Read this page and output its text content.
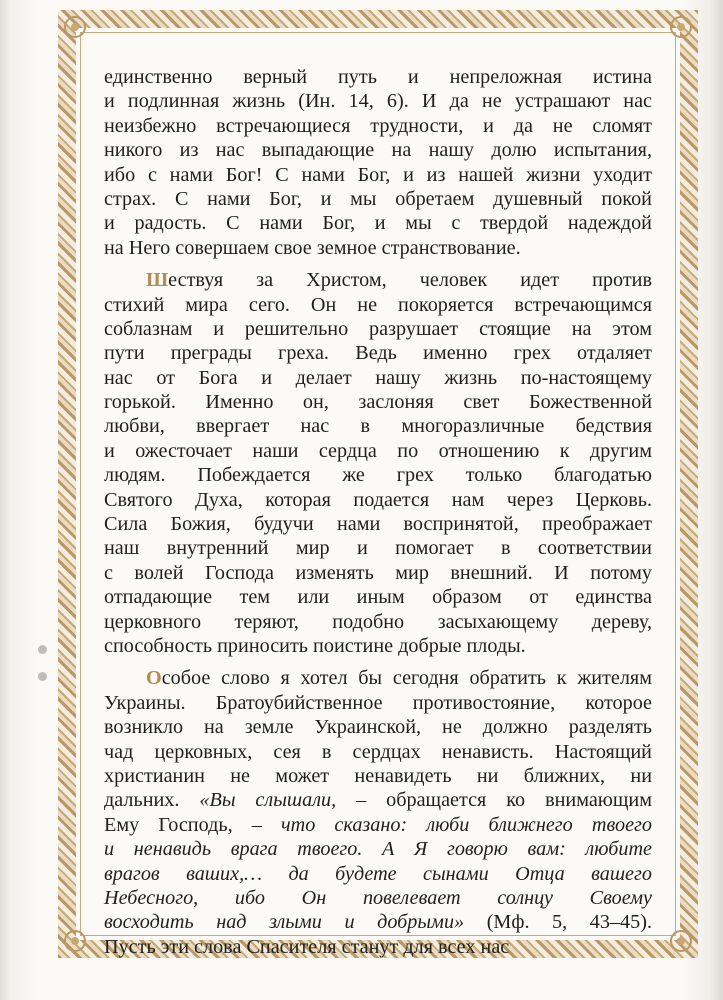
единственно верный путь и непреложная истина
и подлинная жизнь (Ин. 14, 6). И да не устрашают нас
неизбежно встречающиеся трудности, и да не сломят
никого из нас выпадающие на нашу долю испытания,
ибо с нами Бог! С нами Бог, и из нашей жизни уходит
страх. С нами Бог, и мы обретаем душевный покой
и радость. С нами Бог, и мы с твердой надеждой
на Него совершаем свое земное странствование.
Шествуя за Христом, человек идет против
стихий мира сего. Он не покоряется встречающимся
соблазнам и решительно разрушает стоящие на этом
пути преграды греха. Ведь именно грех отдаляет
нас от Бога и делает нашу жизнь по-настоящему
горькой. Именно он, заслоняя свет Божественной
любви, ввергает нас в многоразличные бедствия
и ожесточает наши сердца по отношению к другим
людям. Побеждается же грех только благодатью
Святого Духа, которая подается нам через Церковь.
Сила Божия, будучи нами воспринятой, преображает
наш внутренний мир и помогает в соответствии
с волей Господа изменять мир внешний. И потому
отпадающие тем или иным образом от единства
церковного теряют, подобно засыхающему дереву,
способность приносить поистине добрые плоды.
Особое слово я хотел бы сегодня обратить к жителям
Украины. Братоубийственное противостояние, которое
возникло на земле Украинской, не должно разделять
чад церковных, сея в сердцах ненависть. Настоящий
христианин не может ненавидеть ни ближних, ни
дальних. «Вы слышали, – обращается ко внимающим
Ему Господь, – что сказано: люби ближнего твоего
и ненавидь врага твоего. А Я говорю вам: любите
врагов ваших,… да будете сынами Отца вашего
Небесного, ибо Он повелевает солнцу Своему
восходить над злыми и добрыми» (Мф. 5, 43–45).
Пусть эти слова Спасителя станут для всех нас
